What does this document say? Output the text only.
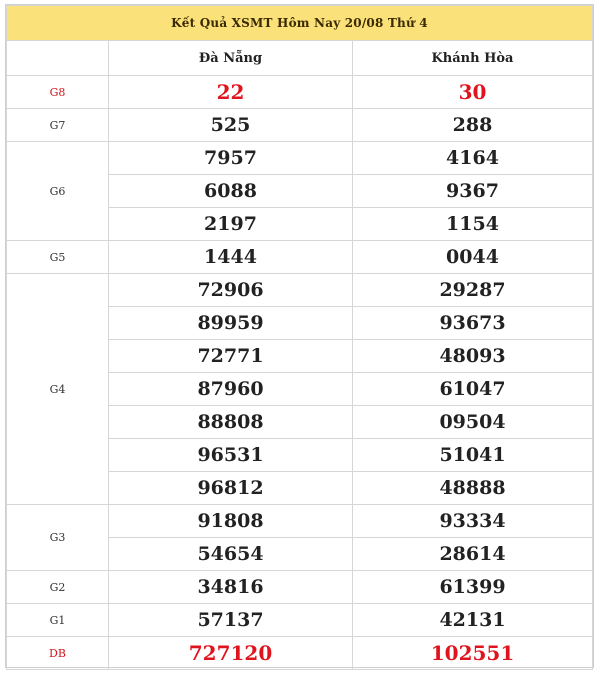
Kết Quả XSMT Hôm Nay 20/08 Thứ 4		
	Đà Nẵng	Khánh Hòa
G8	22	30
G7	525	288
G6	7957	4164
	6088	9367
	2197	1154
G5	1444	0044
G4	72906	29287
	89959	93673
	72771	48093
	87960	61047
	88808	09504
	96531	51041
	96812	48888
G3	91808	93334
	54654	28614
G2	34816	61399
G1	57137	42131
DB	727120	102551
